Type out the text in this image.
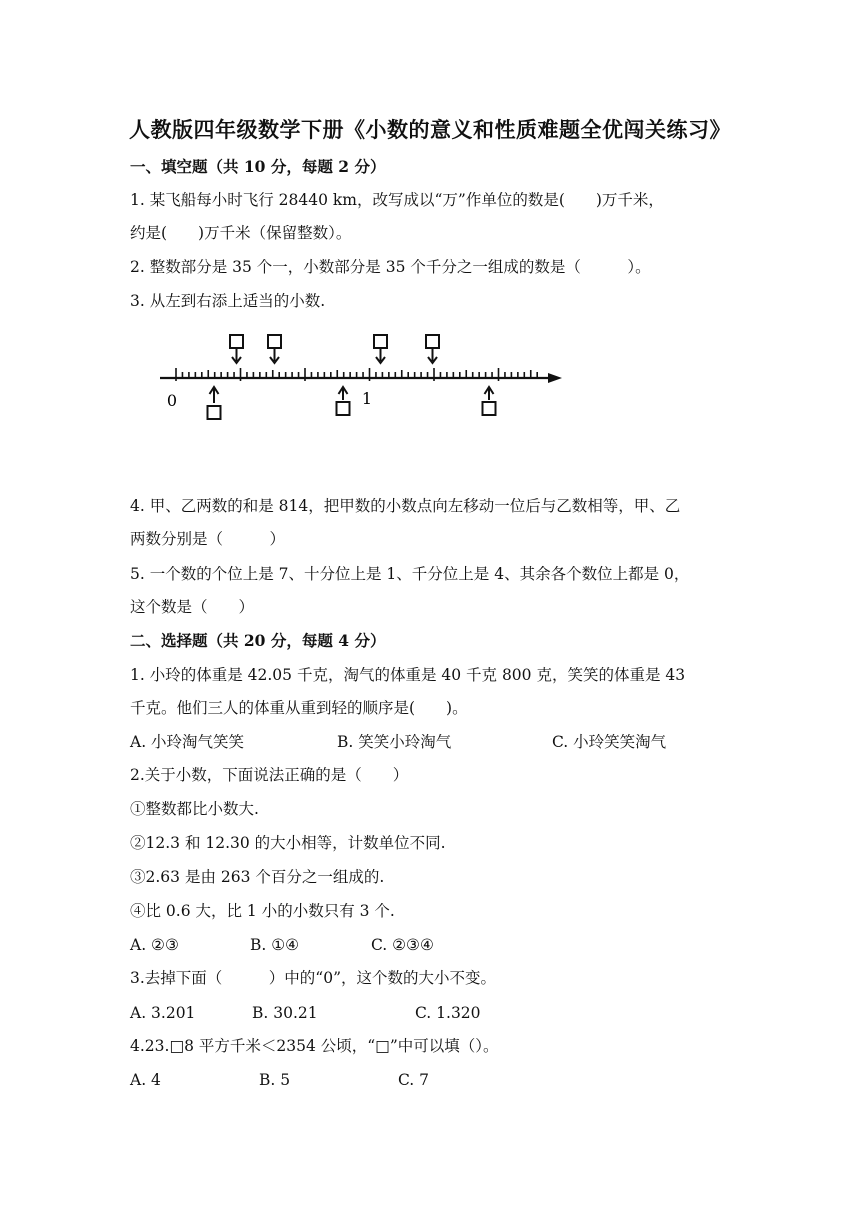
人教版四年级数学下册《小数的意义和性质难题全优闯关练习》
一、填空题（共 10 分，每题 2 分）
1. 某飞船每小时飞行 28440 km，改写成以“万”作单位的数是(　　)万千米，
约是(　　)万千米（保留整数）。
2. 整数部分是 35 个一，小数部分是 35 个千分之一组成的数是（　　　）。
3. 从左到右添上适当的小数.
0	1
4. 甲、乙两数的和是 814，把甲数的小数点向左移动一位后与乙数相等，甲、乙
两数分别是（　　　）
5. 一个数的个位上是 7、十分位上是 1、千分位上是 4、其余各个数位上都是 0，
这个数是（　　）
二、选择题（共 20 分，每题 4 分）
1. 小玲的体重是 42.05 千克，淘气的体重是 40 千克 800 克，笑笑的体重是 43
千克。他们三人的体重从重到轻的顺序是(　　)。
A. 小玲淘气笑笑	B. 笑笑小玲淘气	C. 小玲笑笑淘气
2.关于小数，下面说法正确的是（　　）
①整数都比小数大.
②12.3 和 12.30 的大小相等，计数单位不同.
③2.63 是由 263 个百分之一组成的.
④比 0.6 大，比 1 小的小数只有 3 个.
A. ②③	B. ①④	C. ②③④
3.去掉下面（　　　）中的“0”，这个数的大小不变。
A. 3.201	B. 30.21	C. 1.320
4.23.□8 平方千米＜2354 公顷，“□”中可以填（）。
A. 4	B. 5	C. 7
